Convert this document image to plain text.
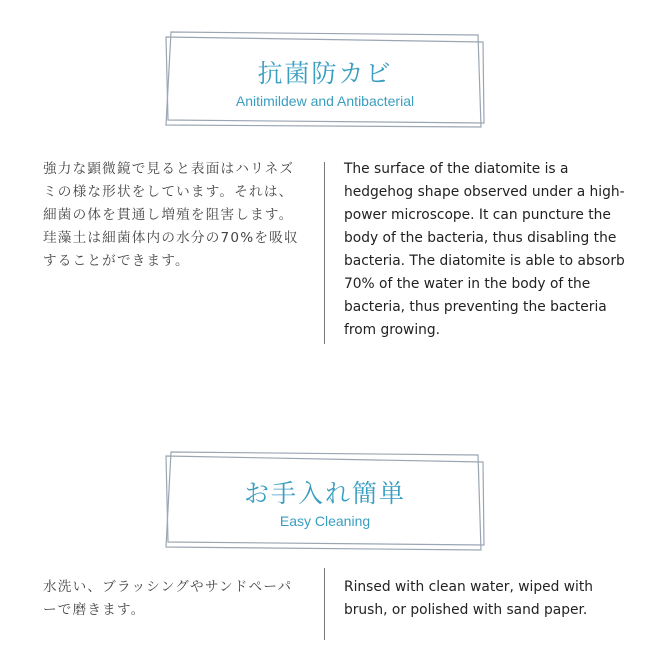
抗菌防カビ
Anitimildew and Antibacterial
強力な顕微鏡で見ると表面はハリネズミの様な形状をしています。それは、細菌の体を貫通し増殖を阻害します。珪藻土は細菌体内の水分の70%を吸収することができます。
The surface of the diatomite is a hedgehog shape observed under a high-power microscope. It can puncture the body of the bacteria, thus disabling the bacteria. The diatomite is able to absorb 70% of the water in the body of the bacteria, thus preventing the bacteria from growing.
お手入れ簡単
Easy Cleaning
水洗い、ブラッシングやサンドペーパーで磨きます。
Rinsed with clean water, wiped with brush, or polished with sand paper.
